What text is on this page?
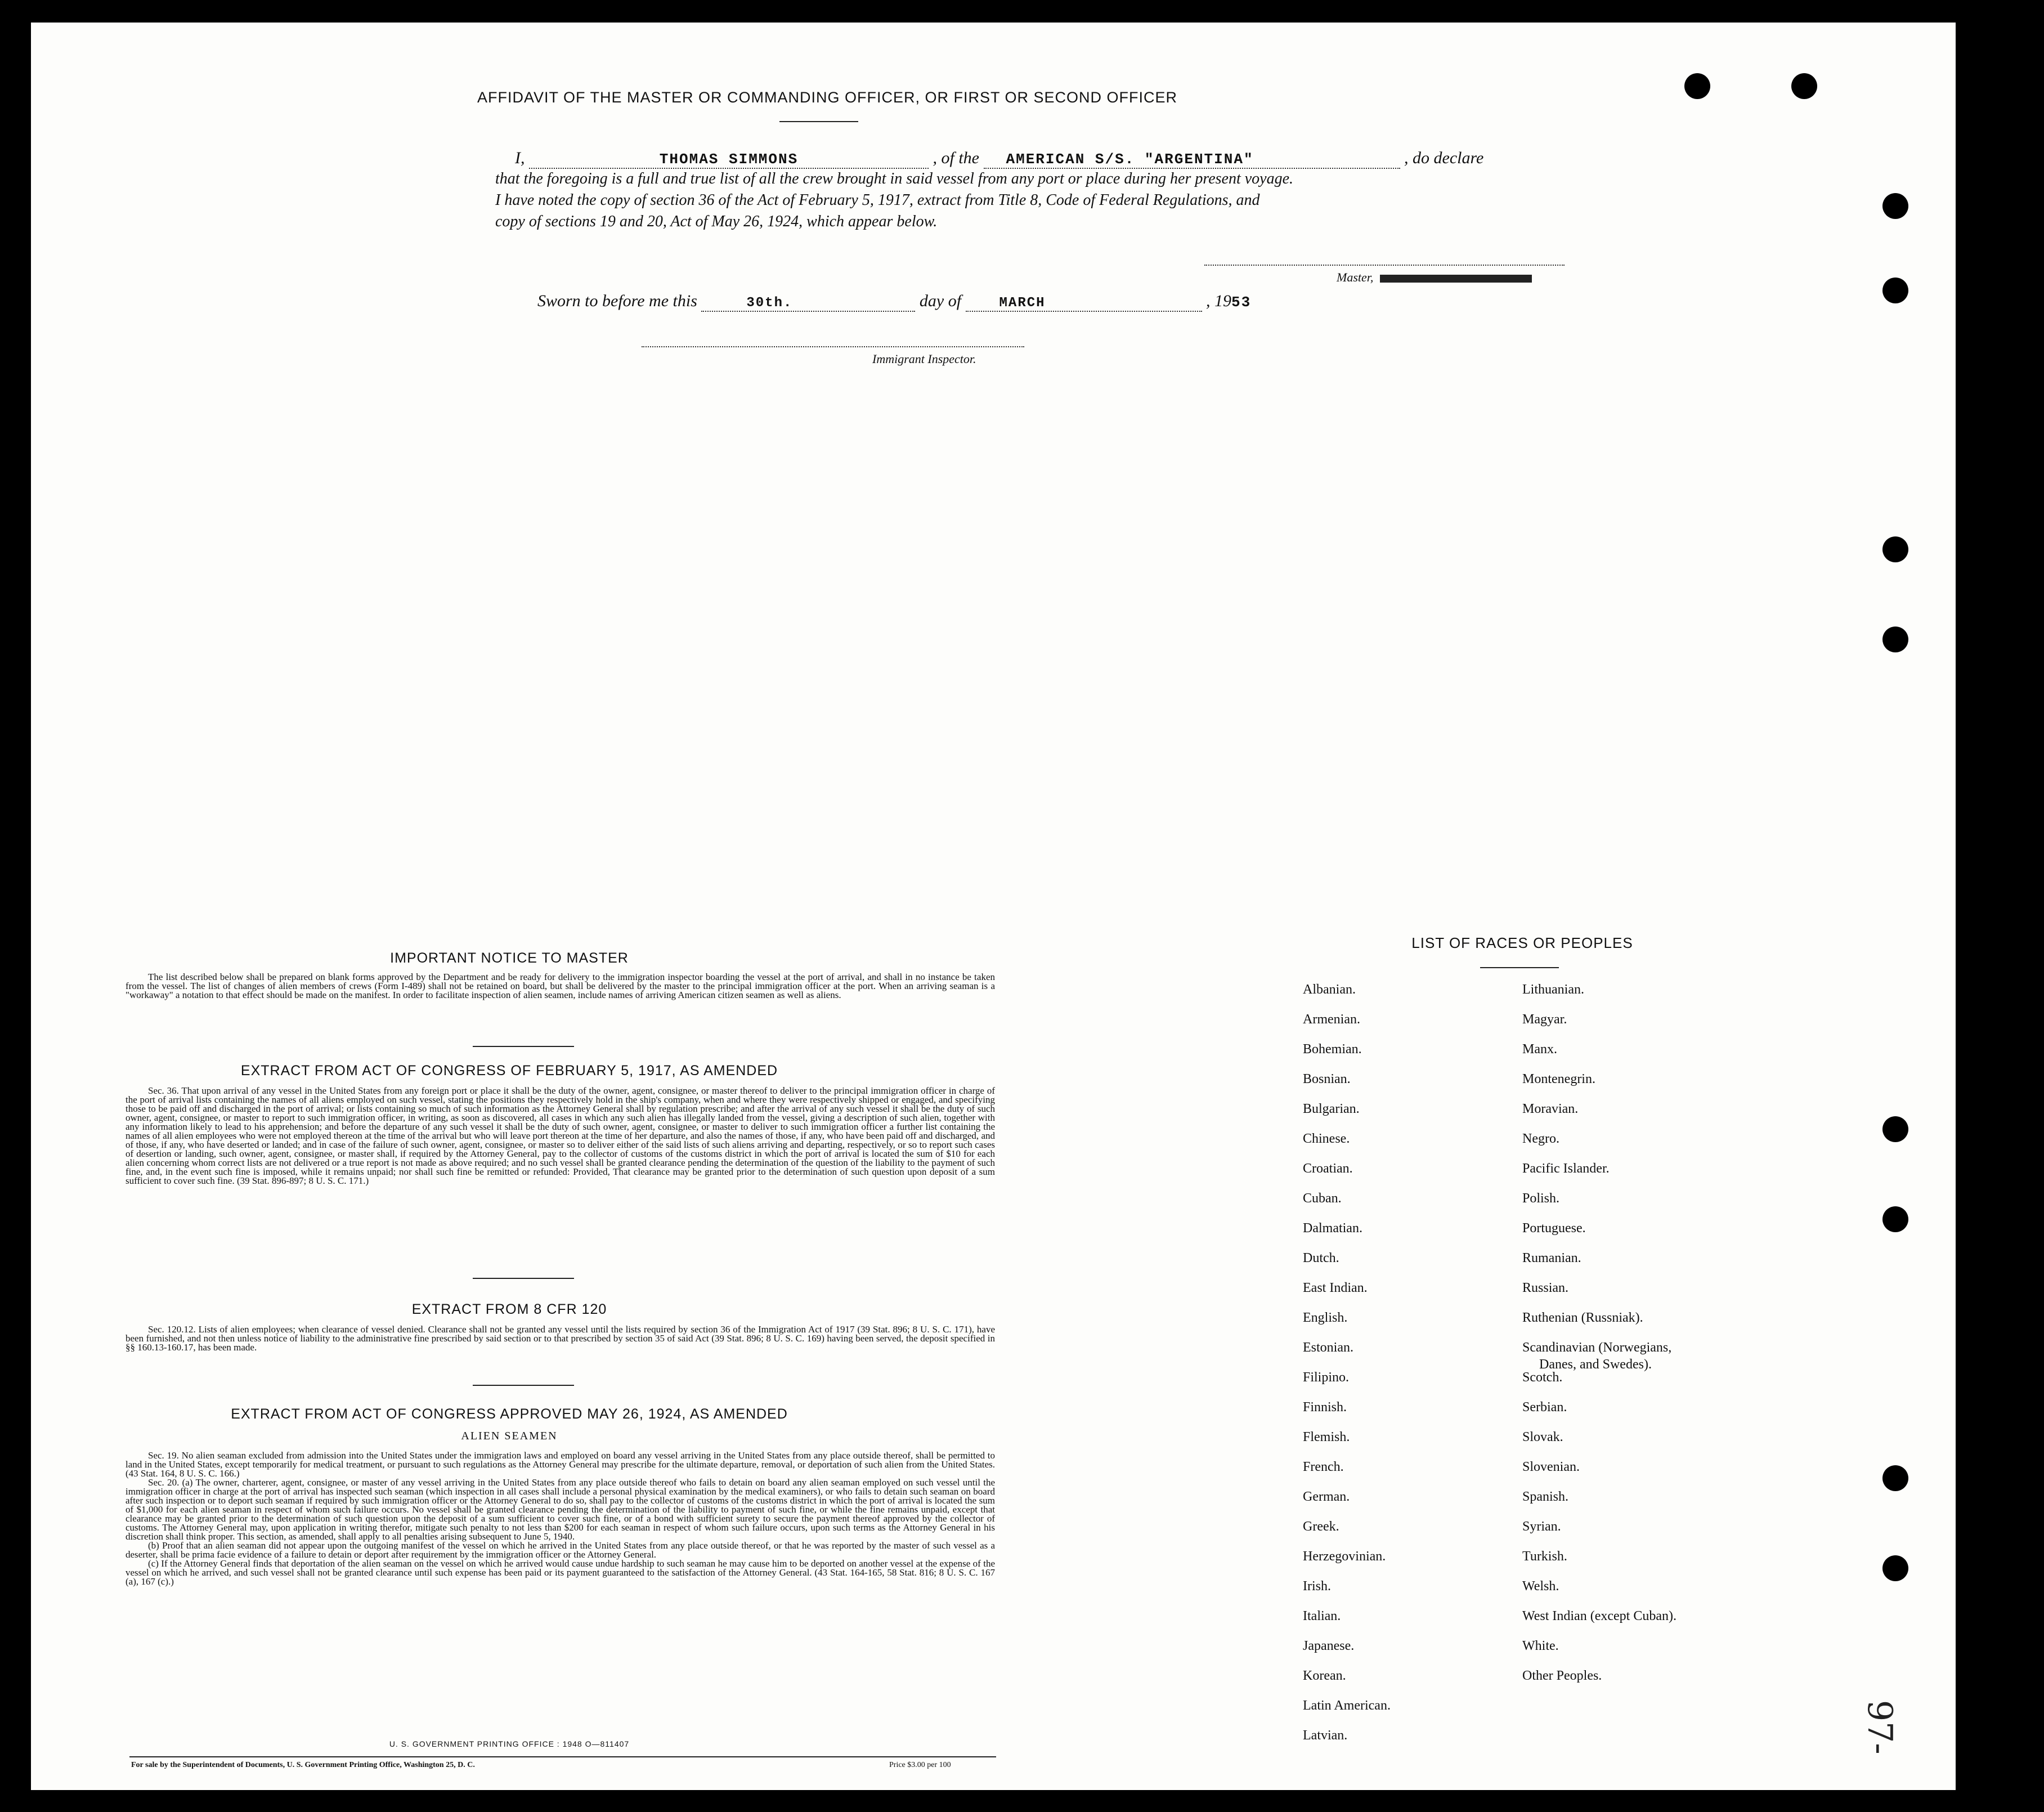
AFFIDAVIT OF THE MASTER OR COMMANDING OFFICER, OR FIRST OR SECOND OFFICER
I,	THOMAS SIMMONS	, of the AMERICAN S/S. "ARGENTINA"	, do declare
that the foregoing is a full and true list of all the crew brought in said vessel from any port or place during her present voyage.
I have noted the copy of section 36 of the Act of February 5, 1917, extract from Title 8, Code of Federal Regulations, and
copy of sections 19 and 20, Act of May 26, 1924, which appear below.
Master,
Sworn to before me this	30th.	day of	MARCH	, 1953
Immigrant Inspector.
IMPORTANT NOTICE TO MASTER

The list described below shall be prepared on blank forms approved by the Department and be ready for delivery to the immigration inspector boarding the vessel at the port of arrival, and shall in no instance be taken from the vessel. The list of changes of alien members of crews (Form I-489) shall not be retained on board, but shall be delivered by the master to the principal immigration officer at the port. When an arriving seaman is a "workaway" a notation to that effect should be made on the manifest. In order to facilitate inspection of alien seamen, include names of arriving American citizen seamen as well as aliens.

EXTRACT FROM ACT OF CONGRESS OF FEBRUARY 5, 1917, AS AMENDED

Sec. 36. That upon arrival of any vessel in the United States from any foreign port or place it shall be the duty of the owner, agent, consignee, or master thereof to deliver to the principal immigration officer in charge of the port of arrival lists containing the names of all aliens employed on such vessel, stating the positions they respectively hold in the ship's company, when and where they were respectively shipped or engaged, and specifying those to be paid off and discharged in the port of arrival; or lists containing so much of such information as the Attorney General shall by regulation prescribe; and after the arrival of any such vessel it shall be the duty of such owner, agent, consignee, or master to report to such immigration officer, in writing, as soon as discovered, all cases in which any such alien has illegally landed from the vessel, giving a description of such alien, together with any information likely to lead to his apprehension; and before the departure of any such vessel it shall be the duty of such owner, agent, consignee, or master to deliver to such immigration officer a further list containing the names of all alien employees who were not employed thereon at the time of the arrival but who will leave port thereon at the time of her departure, and also the names of those, if any, who have been paid off and discharged, and of those, if any, who have deserted or landed; and in case of the failure of such owner, agent, consignee, or master so to deliver either of the said lists of such aliens arriving and departing, respectively, or so to report such cases of desertion or landing, such owner, agent, consignee, or master shall, if required by the Attorney General, pay to the collector of customs of the customs district in which the port of arrival is located the sum of $10 for each alien concerning whom correct lists are not delivered or a true report is not made as above required; and no such vessel shall be granted clearance pending the determination of the question of the liability to the payment of such fine, and, in the event such fine is imposed, while it remains unpaid; nor shall such fine be remitted or refunded: Provided, That clearance may be granted prior to the determination of such question upon deposit of a sum sufficient to cover such fine. (39 Stat. 896-897; 8 U. S. C. 171.)

EXTRACT FROM 8 CFR 120

Sec. 120.12. Lists of alien employees; when clearance of vessel denied. Clearance shall not be granted any vessel until the lists required by section 36 of the Immigration Act of 1917 (39 Stat. 896; 8 U. S. C. 171), have been furnished, and not then unless notice of liability to the administrative fine prescribed by said section or to that prescribed by section 35 of said Act (39 Stat. 896; 8 U. S. C. 169) having been served, the deposit specified in §§ 160.13-160.17, has been made.

EXTRACT FROM ACT OF CONGRESS APPROVED MAY 26, 1924, AS AMENDED
ALIEN SEAMEN

Sec. 19. No alien seaman excluded from admission into the United States under the immigration laws and employed on board any vessel arriving in the United States from any place outside thereof, shall be permitted to land in the United States, except temporarily for medical treatment, or pursuant to such regulations as the Attorney General may prescribe for the ultimate departure, removal, or deportation of such alien from the United States. (43 Stat. 164, 8 U. S. C. 166.)

Sec. 20. (a) The owner, charterer, agent, consignee, or master of any vessel arriving in the United States from any place outside thereof who fails to detain on board any alien seaman employed on such vessel until the immigration officer in charge at the port of arrival has inspected such seaman (which inspection in all cases shall include a personal physical examination by the medical examiners), or who fails to detain such seaman on board after such inspection or to deport such seaman if required by such immigration officer or the Attorney General to do so, shall pay to the collector of customs of the customs district in which the port of arrival is located the sum of $1,000 for each alien seaman in respect of whom such failure occurs. No vessel shall be granted clearance pending the determination of the liability to payment of such fine, or while the fine remains unpaid, except that clearance may be granted prior to the determination of such question upon the deposit of a sum sufficient to cover such fine, or of a bond with sufficient surety to secure the payment thereof approved by the collector of customs. The Attorney General may, upon application in writing therefor, mitigate such penalty to not less than $200 for each seaman in respect of whom such failure occurs, upon such terms as the Attorney General in his discretion shall think proper. This section, as amended, shall apply to all penalties arising subsequent to June 5, 1940.

(b) Proof that an alien seaman did not appear upon the outgoing manifest of the vessel on which he arrived in the United States from any place outside thereof, or that he was reported by the master of such vessel as a deserter, shall be prima facie evidence of a failure to detain or deport after requirement by the immigration officer or the Attorney General.

(c) If the Attorney General finds that deportation of the alien seaman on the vessel on which he arrived would cause undue hardship to such seaman he may cause him to be deported on another vessel at the expense of the vessel on which he arrived, and such vessel shall not be granted clearance until such expense has been paid or its payment guaranteed to the satisfaction of the Attorney General. (43 Stat. 164-165, 58 Stat. 816; 8 U. S. C. 167 (a), 167 (c).)

U. S. GOVERNMENT PRINTING OFFICE : 1948 O—811407
For sale by the Superintendent of Documents, U. S. Government Printing Office, Washington 25, D. C.	Price $3.00 per 100
LIST OF RACES OR PEOPLES
Albanian.
Armenian.
Bohemian.
Bosnian.
Bulgarian.
Chinese.
Croatian.
Cuban.
Dalmatian.
Dutch.
East Indian.
English.
Estonian.
Filipino.
Finnish.
Flemish.
French.
German.
Greek.
Herzegovinian.
Irish.
Italian.
Japanese.
Korean.
Latin American.
Latvian.
Lithuanian.
Magyar.
Manx.
Montenegrin.
Moravian.
Negro.
Pacific Islander.
Polish.
Portuguese.
Rumanian.
Russian.
Ruthenian (Russniak).
Scandinavian (Norwegians,
Danes, and Swedes).
Scotch.
Serbian.
Slovak.
Slovenian.
Spanish.
Syrian.
Turkish.
Welsh.
West Indian (except Cuban).
White.
Other Peoples.
97-
